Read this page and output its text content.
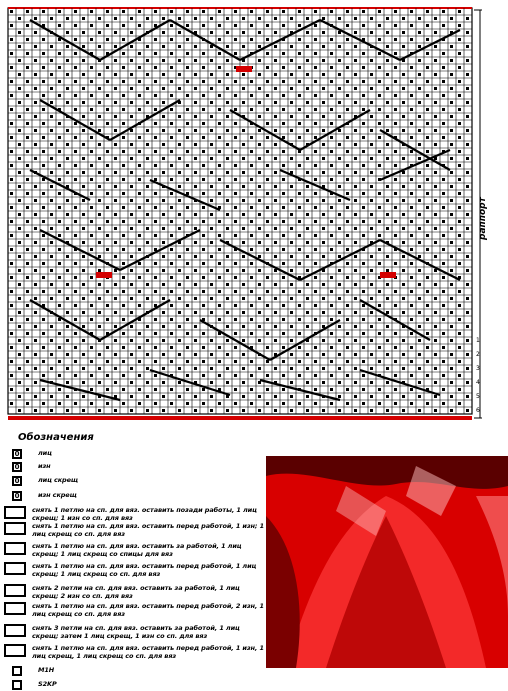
6
5
4
3
2
1
раппорт
Обозначения
0	лиц
0	изн
0	лиц скрещ
0	изн скрещ
снять 1 петлю на сп. для вяз. оставить позади работы, 1 лиц скрещ; 1 изн со сп. для вяз
снять 1 петлю на сп. для вяз. оставить перед работой, 1 изн; 1 лиц скрещ со сп. для вяз
снять 1 петлю на сп. для вяз. оставить за работой, 1 лиц скрещ; 1 лиц скрещ со спицы для вяз
снять 1 петлю на сп. для вяз. оставить перед работой, 1 лиц скрещ; 1 лиц скрещ со сп. для вяз
снять 2 петли на сп. для вяз. оставить за работой, 1 лиц скрещ; 2 изн со сп. для вяз
снять 1 петлю на сп. для вяз. оставить перед работой, 2 изн, 1 лиц скрещ со сп. для вяз
снять 3 петли на сп. для вяз. оставить за работой, 1 лиц скрещ; затем 1 лиц скрещ, 1 изн со сп. для вяз
снять 1 петлю на сп. для вяз. оставить перед работой, 1 изн, 1 лиц скрещ, 1 лиц скрещ со сп. для вяз
M1H
S2KP
